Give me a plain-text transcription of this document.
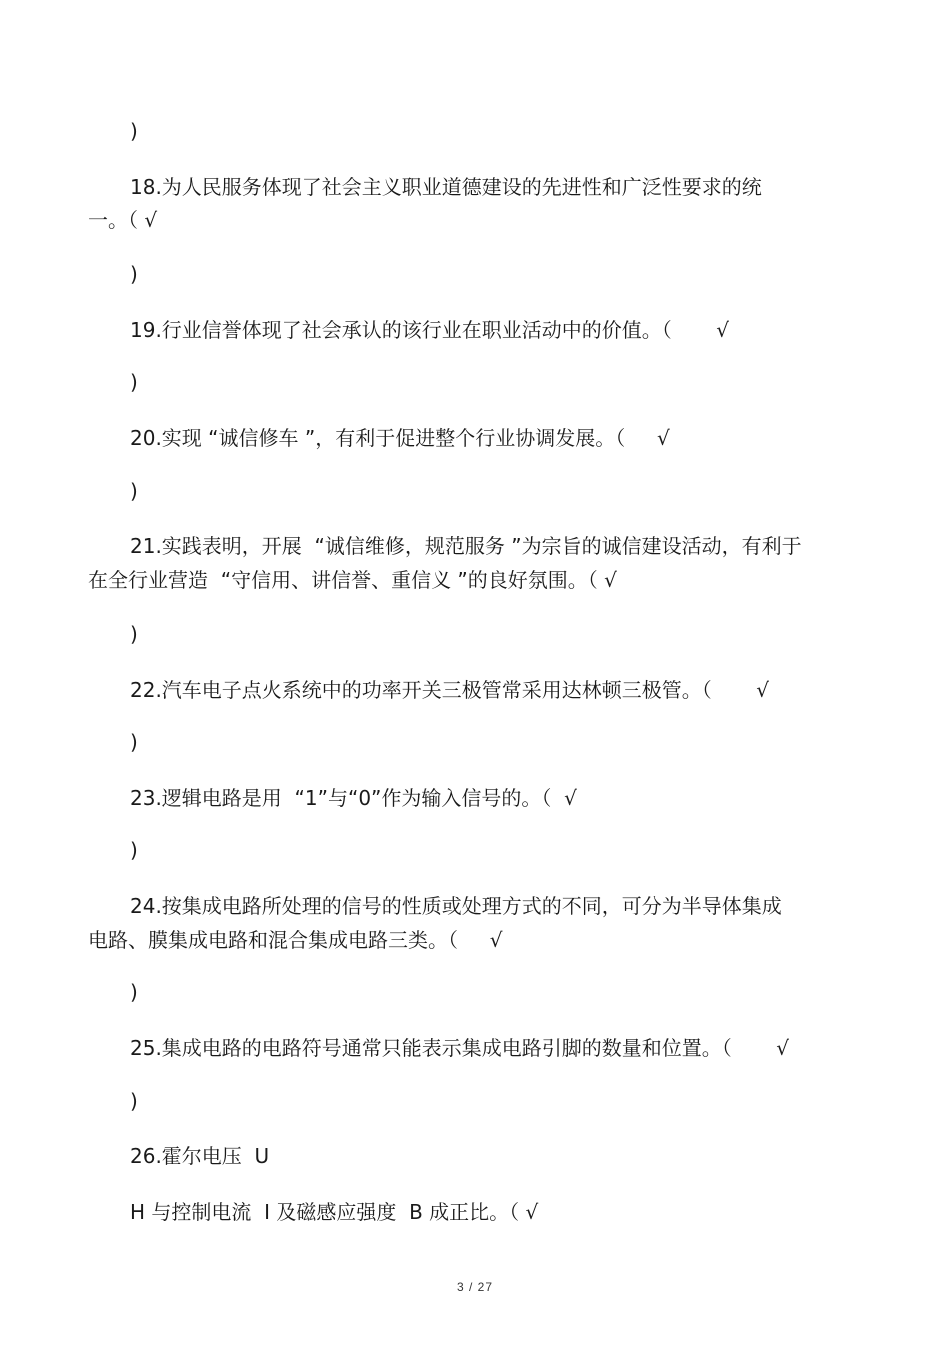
)
18.为人民服务体现了社会主义职业道德建设的先进性和广泛性要求的统
一。（ √
)
19.行业信誉体现了社会承认的该行业在职业活动中的价值。（       √
)
20.实现 “诚信修车 ”，有利于促进整个行业协调发展。（     √
)
21.实践表明，开展  “诚信维修，规范服务 ”为宗旨的诚信建设活动，有利于
在全行业营造  “守信用、讲信誉、重信义 ”的良好氛围。（ √
)
22.汽车电子点火系统中的功率开关三极管常采用达林顿三极管。（       √
)
23.逻辑电路是用  “1”与“0”作为输入信号的。（  √
)
24.按集成电路所处理的信号的性质或处理方式的不同，可分为半导体集成
电路、膜集成电路和混合集成电路三类。（     √
)
25.集成电路的电路符号通常只能表示集成电路引脚的数量和位置。（       √
)
26.霍尔电压  U
H 与控制电流  I 及磁感应强度  B 成正比。（ √
3 / 27
